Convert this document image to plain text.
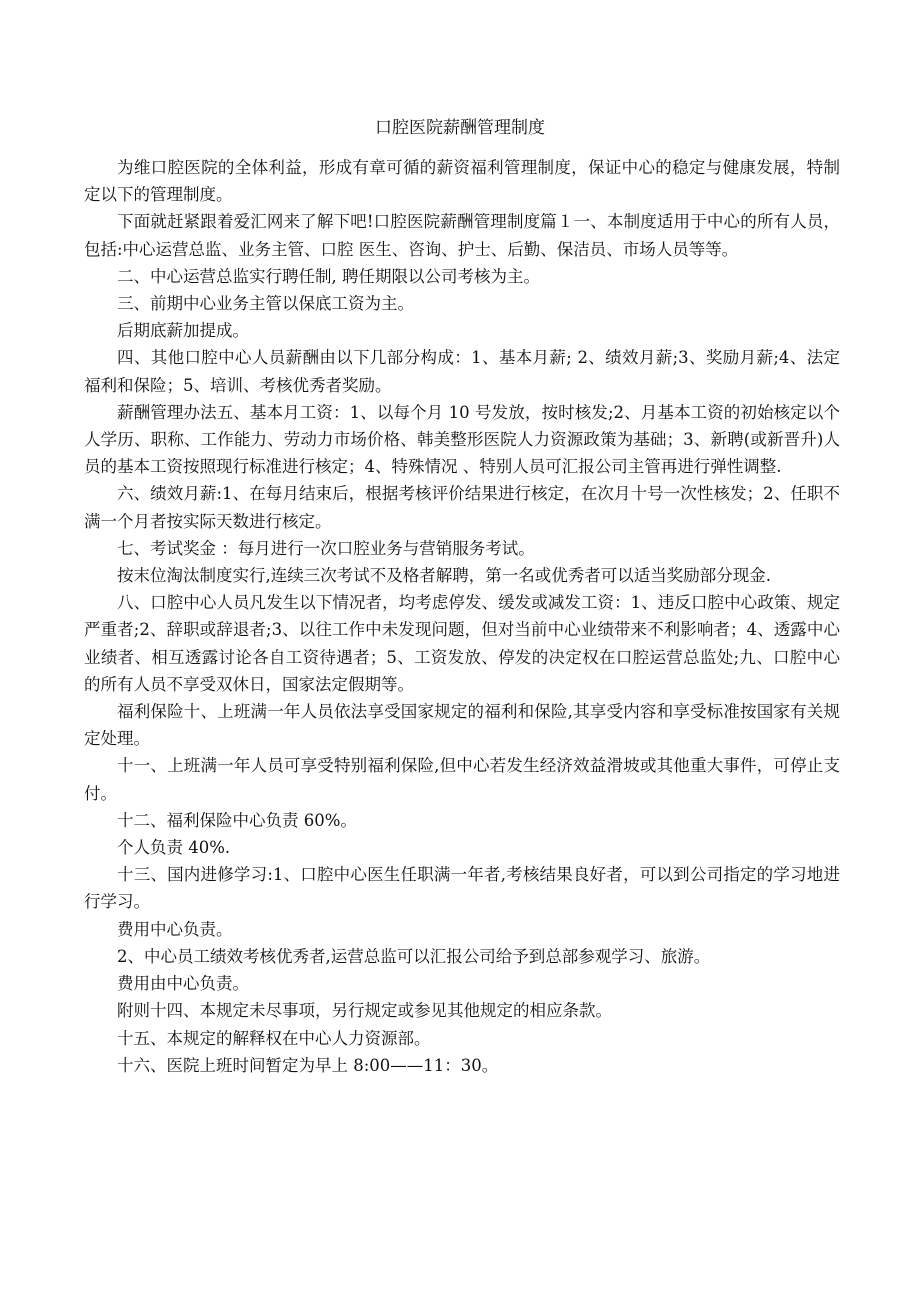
口腔医院薪酬管理制度

为维口腔医院的全体利益，形成有章可循的薪资福利管理制度，保证中心的稳定与健康发展，特制定以下的管理制度。

下面就赶紧跟着爱汇网来了解下吧!口腔医院薪酬管理制度篇１一、本制度适用于中心的所有人员，包括:中心运营总监、业务主管、口腔 医生、咨询、护士、后勤、保洁员、市场人员等等。

二、中心运营总监实行聘任制, 聘任期限以公司考核为主。

三、前期中心业务主管以保底工资为主。

后期底薪加提成。

四、其他口腔中心人员薪酬由以下几部分构成：1、基本月薪; 2、绩效月薪;3、奖励月薪;4、法定福利和保险；5、培训、考核优秀者奖励。

薪酬管理办法五、基本月工资：1、以每个月 10 号发放，按时核发;2、月基本工资的初始核定以个人学历、职称、工作能力、劳动力市场价格、韩美整形医院人力资源政策为基础；3、新聘(或新晋升)人员的基本工资按照现行标准进行核定；4、特殊情况 、特别人员可汇报公司主管再进行弹性调整.

六、绩效月薪:1、在每月结束后，根据考核评价结果进行核定，在次月十号一次性核发；2、任职不满一个月者按实际天数进行核定。

七、考试奖金 ：每月进行一次口腔业务与营销服务考试。

按末位淘汰制度实行,连续三次考试不及格者解聘，第一名或优秀者可以适当奖励部分现金.

八、口腔中心人员凡发生以下情况者，均考虑停发、缓发或减发工资：1、违反口腔中心政策、规定严重者;2、辞职或辞退者;3、以往工作中未发现问题，但对当前中心业绩带来不利影响者；4、透露中心业绩者、相互透露讨论各自工资待遇者；5、工资发放、停发的决定权在口腔运营总监处;九、口腔中心的所有人员不享受双休日，国家法定假期等。

福利保险十、上班满一年人员依法享受国家规定的福利和保险,其享受内容和享受标准按国家有关规定处理。

十一、上班满一年人员可享受特别福利保险,但中心若发生经济效益滑坡或其他重大事件，可停止支付。

十二、福利保险中心负责 60%。

个人负责 40%.

十三、国内进修学习:1、口腔中心医生任职满一年者,考核结果良好者，可以到公司指定的学习地进行学习。

费用中心负责。

2、中心员工绩效考核优秀者,运营总监可以汇报公司给予到总部参观学习、旅游。

费用由中心负责。

附则十四、本规定未尽事项，另行规定或参见其他规定的相应条款。

十五、本规定的解释权在中心人力资源部。

十六、医院上班时间暂定为早上 8:00——11：30。
